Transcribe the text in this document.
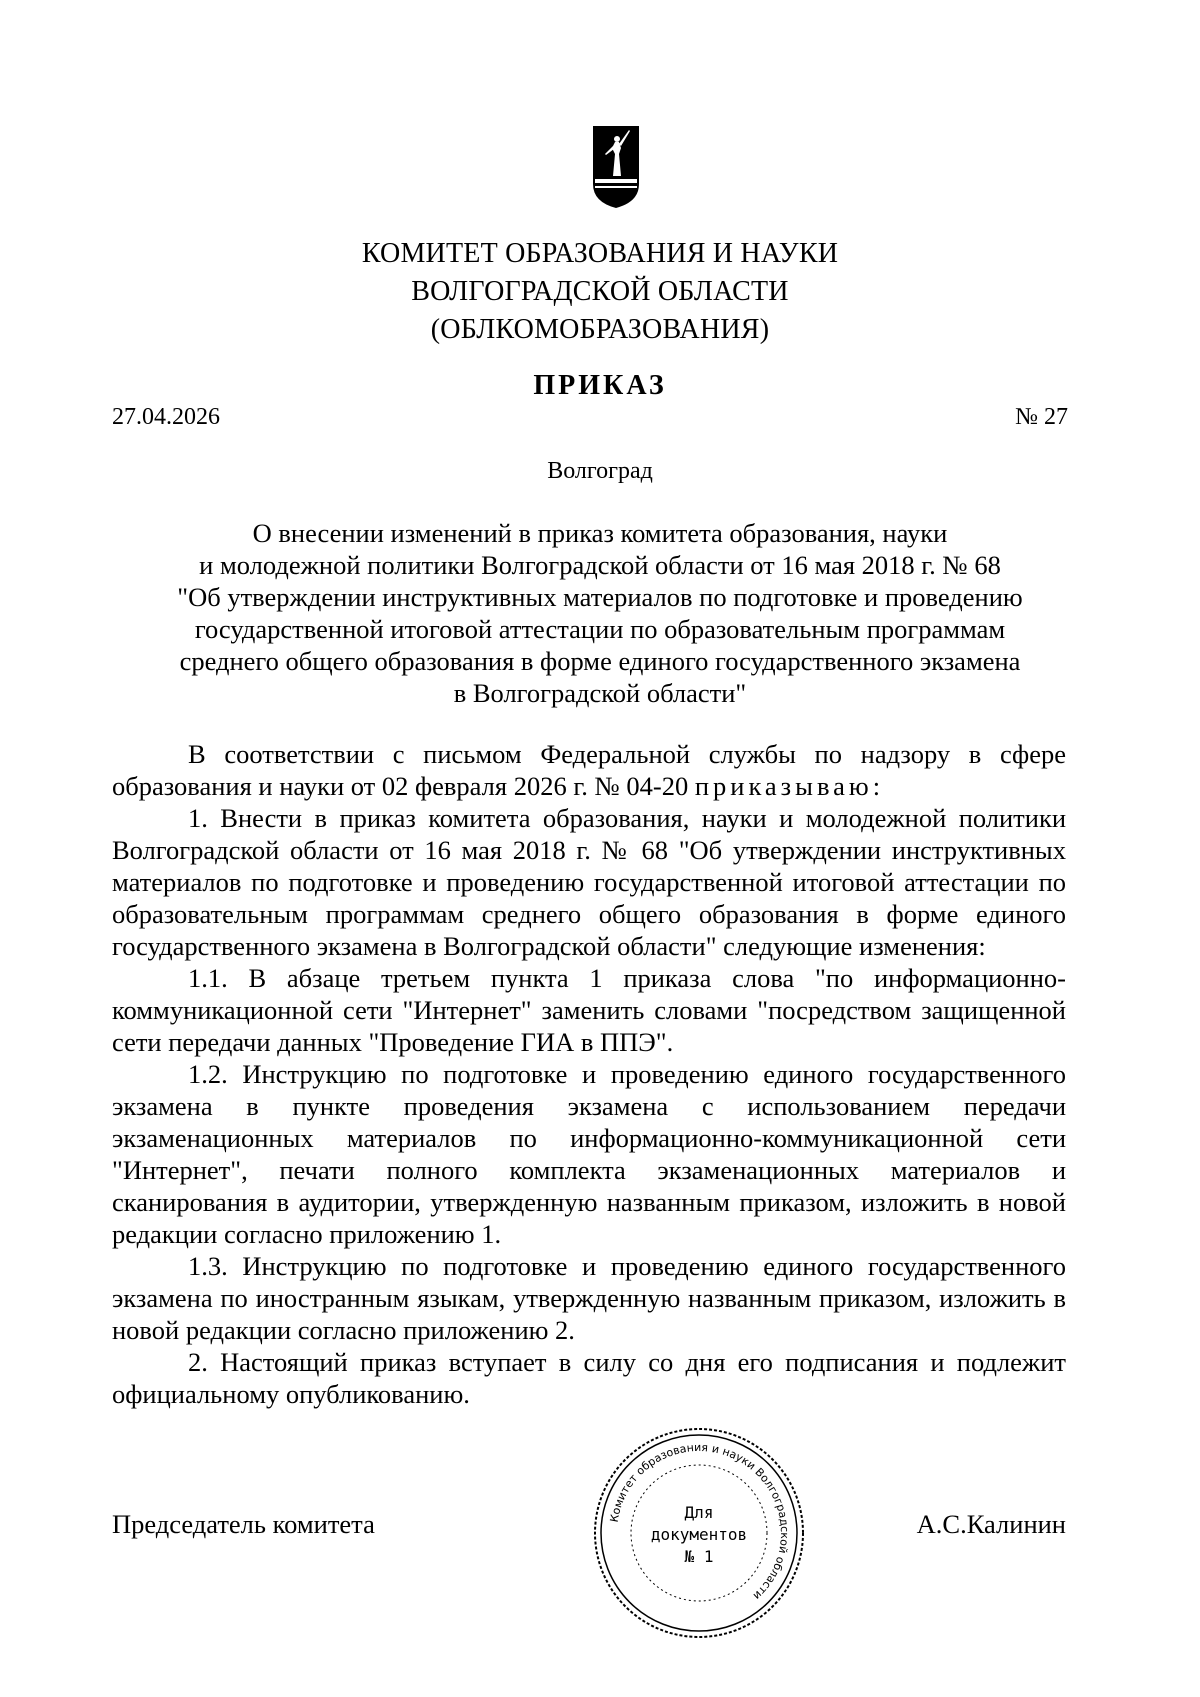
КОМИТЕТ ОБРАЗОВАНИЯ И НАУКИ
ВОЛГОГРАДСКОЙ ОБЛАСТИ
(ОБЛКОМОБРАЗОВАНИЯ)
ПРИКАЗ
27.04.2026	№ 27
Волгоград
О внесении изменений в приказ комитета образования, науки
и молодежной политики Волгоградской области от 16 мая 2018 г. № 68
"Об утверждении инструктивных материалов по подготовке и проведению
государственной итоговой аттестации по образовательным программам
среднего общего образования в форме единого государственного экзамена
в Волгоградской области"

В соответствии с письмом Федеральной службы по надзору в сфере образования и науки от 02 февраля 2026 г. № 04-20 приказываю:

1. Внести в приказ комитета образования, науки и молодежной политики Волгоградской области от 16 мая 2018 г. № 68 "Об утверждении инструктивных материалов по подготовке и проведению государственной итоговой аттестации по образовательным программам среднего общего образования в форме единого государственного экзамена в Волгоградской области" следующие изменения:

1.1. В абзаце третьем пункта 1 приказа слова "по информационно-коммуникационной сети "Интернет" заменить словами "посредством защищенной сети передачи данных "Проведение ГИА в ППЭ".

1.2. Инструкцию по подготовке и проведению единого государственного экзамена в пункте проведения экзамена с использованием передачи экзаменационных материалов по информационно-коммуникационной сети "Интернет", печати полного комплекта экзаменационных материалов и сканирования в аудитории, утвержденную названным приказом, изложить в новой редакции согласно приложению 1.

1.3. Инструкцию по подготовке и проведению единого государственного экзамена по иностранным языкам, утвержденную названным приказом, изложить в новой редакции согласно приложению 2.

2. Настоящий приказ вступает в силу со дня его подписания и подлежит официальному опубликованию.

Председатель комитета	А.С.Калинин
Комитет образования и науки Волгоградской области
Для
документов
№ 1
